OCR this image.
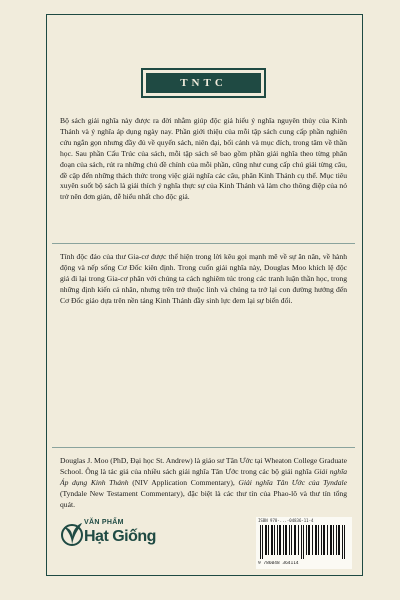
TNTC
Bộ sách giải nghĩa này được ra đời nhằm giúp độc giả hiểu ý nghĩa nguyên thủy của Kinh Thánh và ý nghĩa áp dụng ngày nay. Phần giới thiệu của mỗi tập sách cung cấp phần nghiên cứu ngắn gọn nhưng đầy đủ về quyển sách, niên đại, bối cảnh và mục đích, trong tâm về thần học. Sau phần Cấu Trúc của sách, mỗi tập sách sẽ bao gồm phần giải nghĩa theo từng phân đoạn của sách, rút ra những chủ đề chính của mỗi phần, cũng như cung cấp chú giải từng câu, đề cập đến những thách thức trong việc giải nghĩa các câu, phân Kinh Thánh cụ thể. Mục tiêu xuyên suốt bộ sách là giải thích ý nghĩa thực sự của Kinh Thánh và làm cho thông điệp của nó trở nên đơn giản, dễ hiểu nhất cho độc giả.
Tính độc đáo của thư Gia-cơ được thể hiện trong lời kêu gọi mạnh mẽ về sự ăn năn, về hành động và nếp sống Cơ Đốc kiên định. Trong cuốn giải nghĩa này, Douglas Moo khích lệ độc giả đi lại trong Gia-cơ phân với chúng ta cách nghiêm túc trong các tranh luận thần học, trong những định kiến cá nhân, nhưng trên trở thuộc linh và chúng ta trở lại con đường hướng đến Cơ Đốc giáo dựa trên nền tảng Kinh Thánh đầy sinh lực đem lại sự biến đổi.
Douglas J. Moo (PhD, Đại học St. Andrew) là giáo sư Tân Ước tại Wheaton College Graduate School. Ông là tác giả của nhiều sách giải nghĩa Tân Ước trong các bộ giải nghĩa Giải nghĩa Áp dụng Kinh Thánh (NIV Application Commentary), Giải nghĩa Tân Ước của Tyndale (Tyndale New Testament Commentary), đặc biệt là các thư tín của Phao-lô và thư tín tổng quát.
VĂN PHẨM
Hạt Giống
ISBN 978-...-04836-11-4
9 786048 364114
